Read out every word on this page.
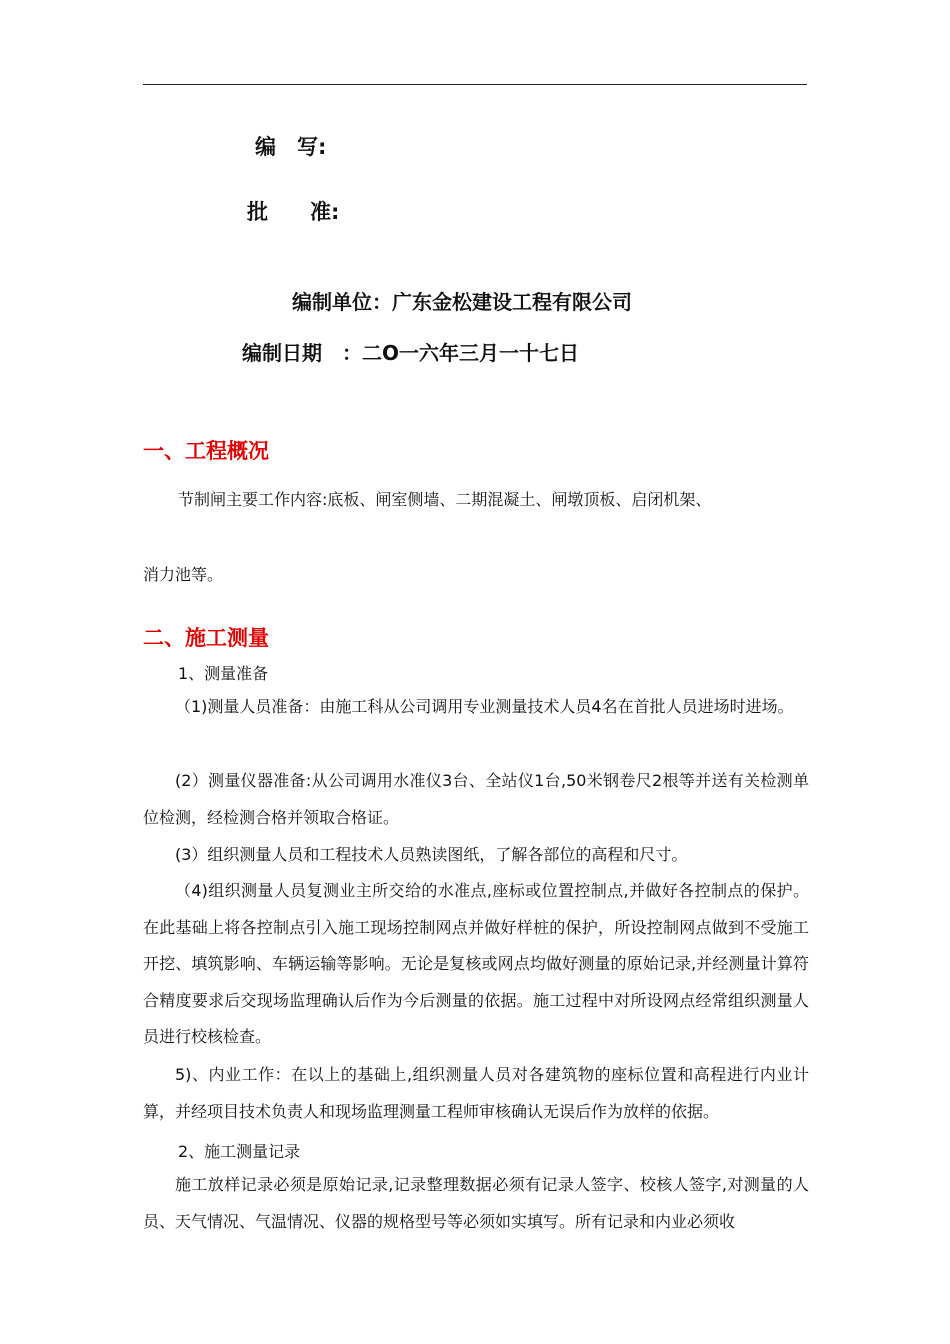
编　写:
批　　准:
编制单位：广东金松建设工程有限公司
编制日期　：二O一六年三月一十七日
一、工程概况
节制闸主要工作内容:底板、闸室侧墙、二期混凝土、闸墩顶板、启闭机架、
消力池等。
二、施工测量
1、测量准备
（1)测量人员准备：由施工科从公司调用专业测量技术人员4名在首批人员进场时进场。
(2）测量仪器准备:从公司调用水准仪3台、全站仪1台,50米钢卷尺2根等并送有关检测单位检测，经检测合格并领取合格证。
(3）组织测量人员和工程技术人员熟读图纸，了解各部位的高程和尺寸。
（4)组织测量人员复测业主所交给的水准点,座标或位置控制点,并做好各控制点的保护。在此基础上将各控制点引入施工现场控制网点并做好样桩的保护，所设控制网点做到不受施工开挖、填筑影响、车辆运输等影响。无论是复核或网点均做好测量的原始记录,并经测量计算符合精度要求后交现场监理确认后作为今后测量的依据。施工过程中对所设网点经常组织测量人员进行校核检查。
5)、内业工作：在以上的基础上,组织测量人员对各建筑物的座标位置和高程进行内业计算，并经项目技术负责人和现场监理测量工程师审核确认无误后作为放样的依据。
2、施工测量记录
施工放样记录必须是原始记录,记录整理数据必须有记录人签字、校核人签字,对测量的人员、天气情况、气温情况、仪器的规格型号等必须如实填写。所有记录和内业必须收
